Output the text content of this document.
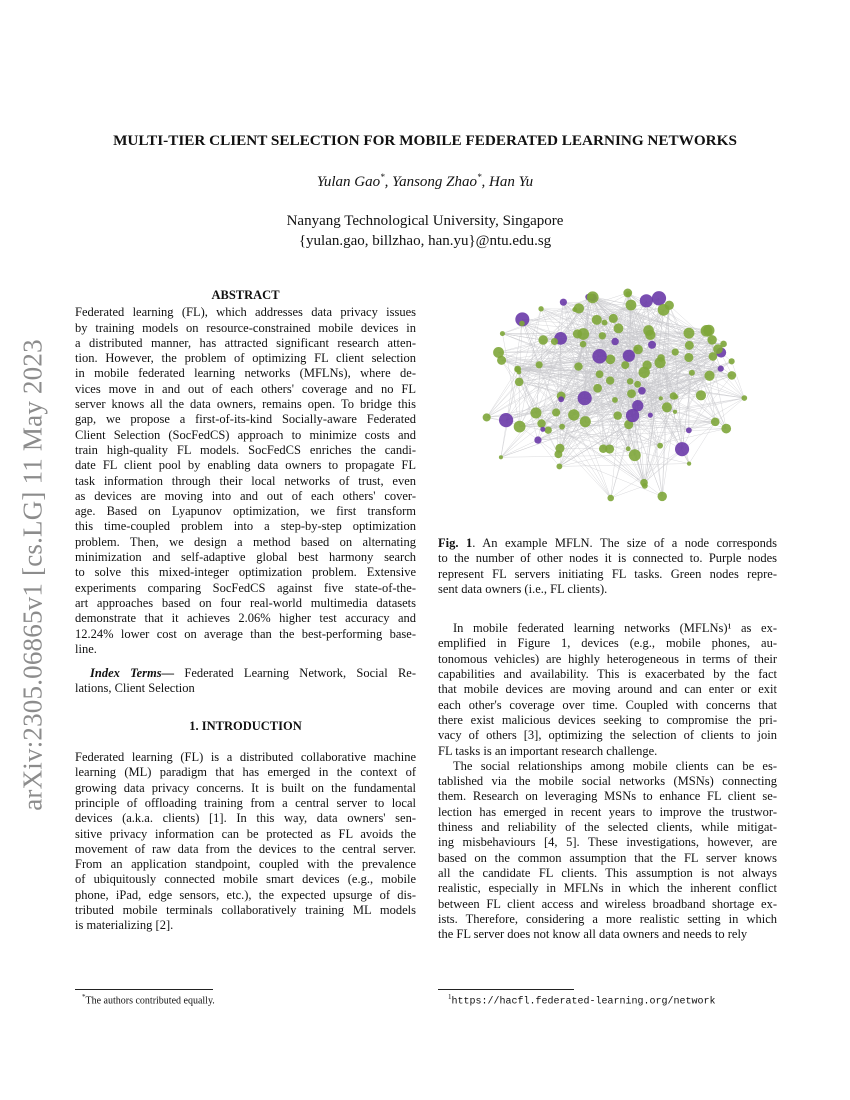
arXiv:2305.06865v1 [cs.LG] 11 May 2023
MULTI-TIER CLIENT SELECTION FOR MOBILE FEDERATED LEARNING NETWORKS
Yulan Gao*, Yansong Zhao*, Han Yu
Nanyang Technological University, Singapore
{yulan.gao, billzhao, han.yu}@ntu.edu.sg
ABSTRACT
Federated learning (FL), which addresses data privacy issues
by training models on resource-constrained mobile devices in
a distributed manner, has attracted significant research atten-
tion. However, the problem of optimizing FL client selection
in mobile federated learning networks (MFLNs), where de-
vices move in and out of each others' coverage and no FL
server knows all the data owners, remains open. To bridge this
gap, we propose a first-of-its-kind Socially-aware Federated
Client Selection (SocFedCS) approach to minimize costs and
train high-quality FL models. SocFedCS enriches the candi-
date FL client pool by enabling data owners to propagate FL
task information through their local networks of trust, even
as devices are moving into and out of each others' cover-
age. Based on Lyapunov optimization, we first transform
this time-coupled problem into a step-by-step optimization
problem. Then, we design a method based on alternating
minimization and self-adaptive global best harmony search
to solve this mixed-integer optimization problem. Extensive
experiments comparing SocFedCS against five state-of-the-
art approaches based on four real-world multimedia datasets
demonstrate that it achieves 2.06% higher test accuracy and
12.24% lower cost on average than the best-performing base-
line.
Index Terms— Federated Learning Network, Social Re-
lations, Client Selection
1. INTRODUCTION
Federated learning (FL) is a distributed collaborative machine
learning (ML) paradigm that has emerged in the context of
growing data privacy concerns. It is built on the fundamental
principle of offloading training from a central server to local
devices (a.k.a. clients) [1]. In this way, data owners' sen-
sitive privacy information can be protected as FL avoids the
movement of raw data from the devices to the central server.
From an application standpoint, coupled with the prevalence
of ubiquitously connected mobile smart devices (e.g., mobile
phone, iPad, edge sensors, etc.), the expected upsurge of dis-
tributed mobile terminals collaboratively training ML models
is materializing [2].
*The authors contributed equally.
Fig. 1. An example MFLN. The size of a node corresponds
to the number of other nodes it is connected to. Purple nodes
represent FL servers initiating FL tasks. Green nodes repre-
sent data owners (i.e., FL clients).
In mobile federated learning networks (MFLNs)¹ as ex-
emplified in Figure 1, devices (e.g., mobile phones, au-
tonomous vehicles) are highly heterogeneous in terms of their
capabilities and availability. This is exacerbated by the fact
that mobile devices are moving around and can enter or exit
each other's coverage over time. Coupled with concerns that
there exist malicious devices seeking to compromise the pri-
vacy of others [3], optimizing the selection of clients to join
FL tasks is an important research challenge.
The social relationships among mobile clients can be es-
tablished via the mobile social networks (MSNs) connecting
them. Research on leveraging MSNs to enhance FL client se-
lection has emerged in recent years to improve the trustwor-
thiness and reliability of the selected clients, while mitigat-
ing misbehaviours [4, 5]. These investigations, however, are
based on the common assumption that the FL server knows
all the candidate FL clients. This assumption is not always
realistic, especially in MFLNs in which the inherent conflict
between FL client access and wireless broadband shortage ex-
ists. Therefore, considering a more realistic setting in which
the FL server does not know all data owners and needs to rely
$^1$https://hacfl.federated-learning.org/network
